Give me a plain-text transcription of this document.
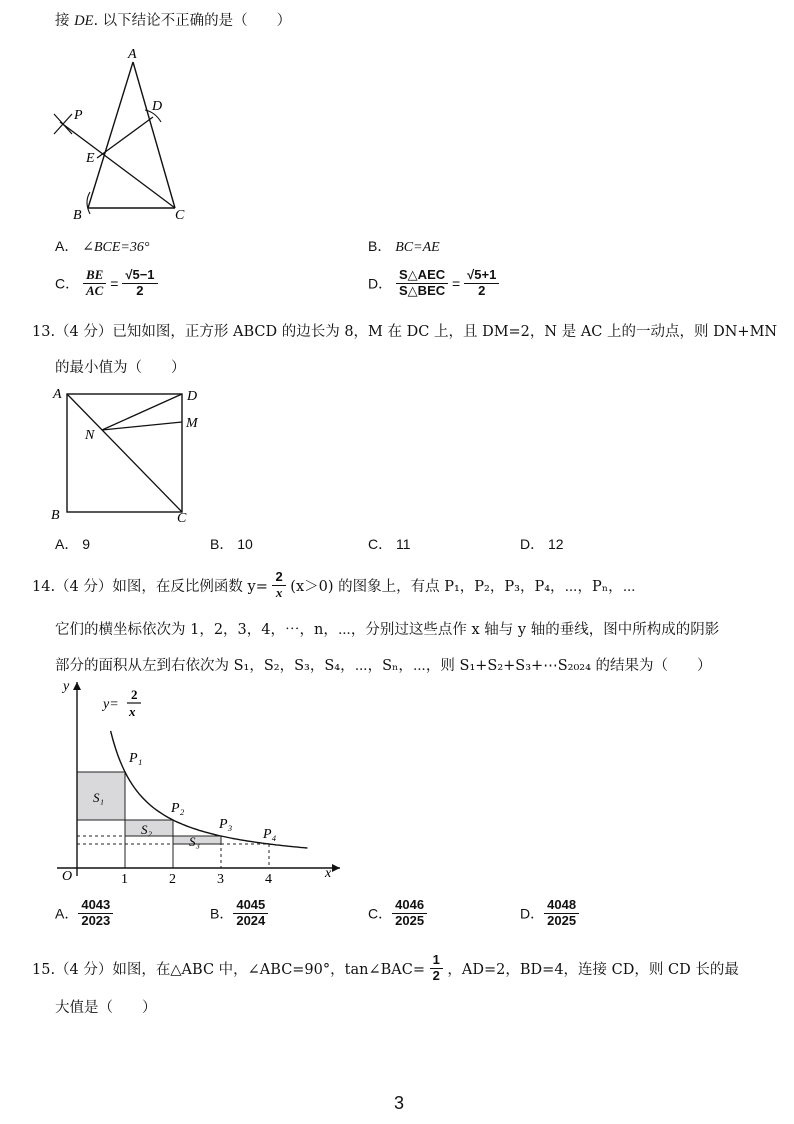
接 DE. 以下结论不正确的是（　　）
A
B	C
D
E
P
A． ∠BCE=36°	B． BC=AE
C． $\frac{BE}{AC} = \frac{√5-1}{2}$	D． $\frac{\text{S△AEC}}{\text{S△BEC}} = \frac{√5+1}{2}$
13.（4 分）已知如图，正方形 ABCD 的边长为 8，M 在 DC 上，且 DM=2，N 是 AC 上的一动点，则 DN+MN
的最小值为（　　）
A
B	C
D
M
N
A． 9	B． 10	C． 11	D． 12
14.（4 分）如图，在反比例函数 $y= \frac{2}{x} (x>0)$ 的图象上，有点 P₁，P₂，P₃，P₄，⋯，Pₙ，⋯
它们的横坐标依次为 1，2，3，4，⋯，n，⋯，分别过这些点作 x 轴与 y 轴的垂线，图中所构成的阴影
部分的面积从左到右依次为 S₁，S₂，S₃，S₄，⋯，Sₙ，⋯，则 S₁+S₂+S₃+⋯S₂₀₂₄ 的结果为（　　）
S₁
S₂
S₃
1	2	3	4
P₁
P₂
P₃
P₄
y
x
O
y=
2
x
A． $\frac{4043}{2023}$	B． $\frac{4045}{2024}$	C． $\frac{4046}{2025}$	D． $\frac{4048}{2025}$
15.（4 分）如图，在△ABC 中，∠ABC=90°，tan∠BAC= $\frac{1}{2}$ ，AD=2，BD=4，连接 CD，则 CD 长的最
大值是（　　）
3
